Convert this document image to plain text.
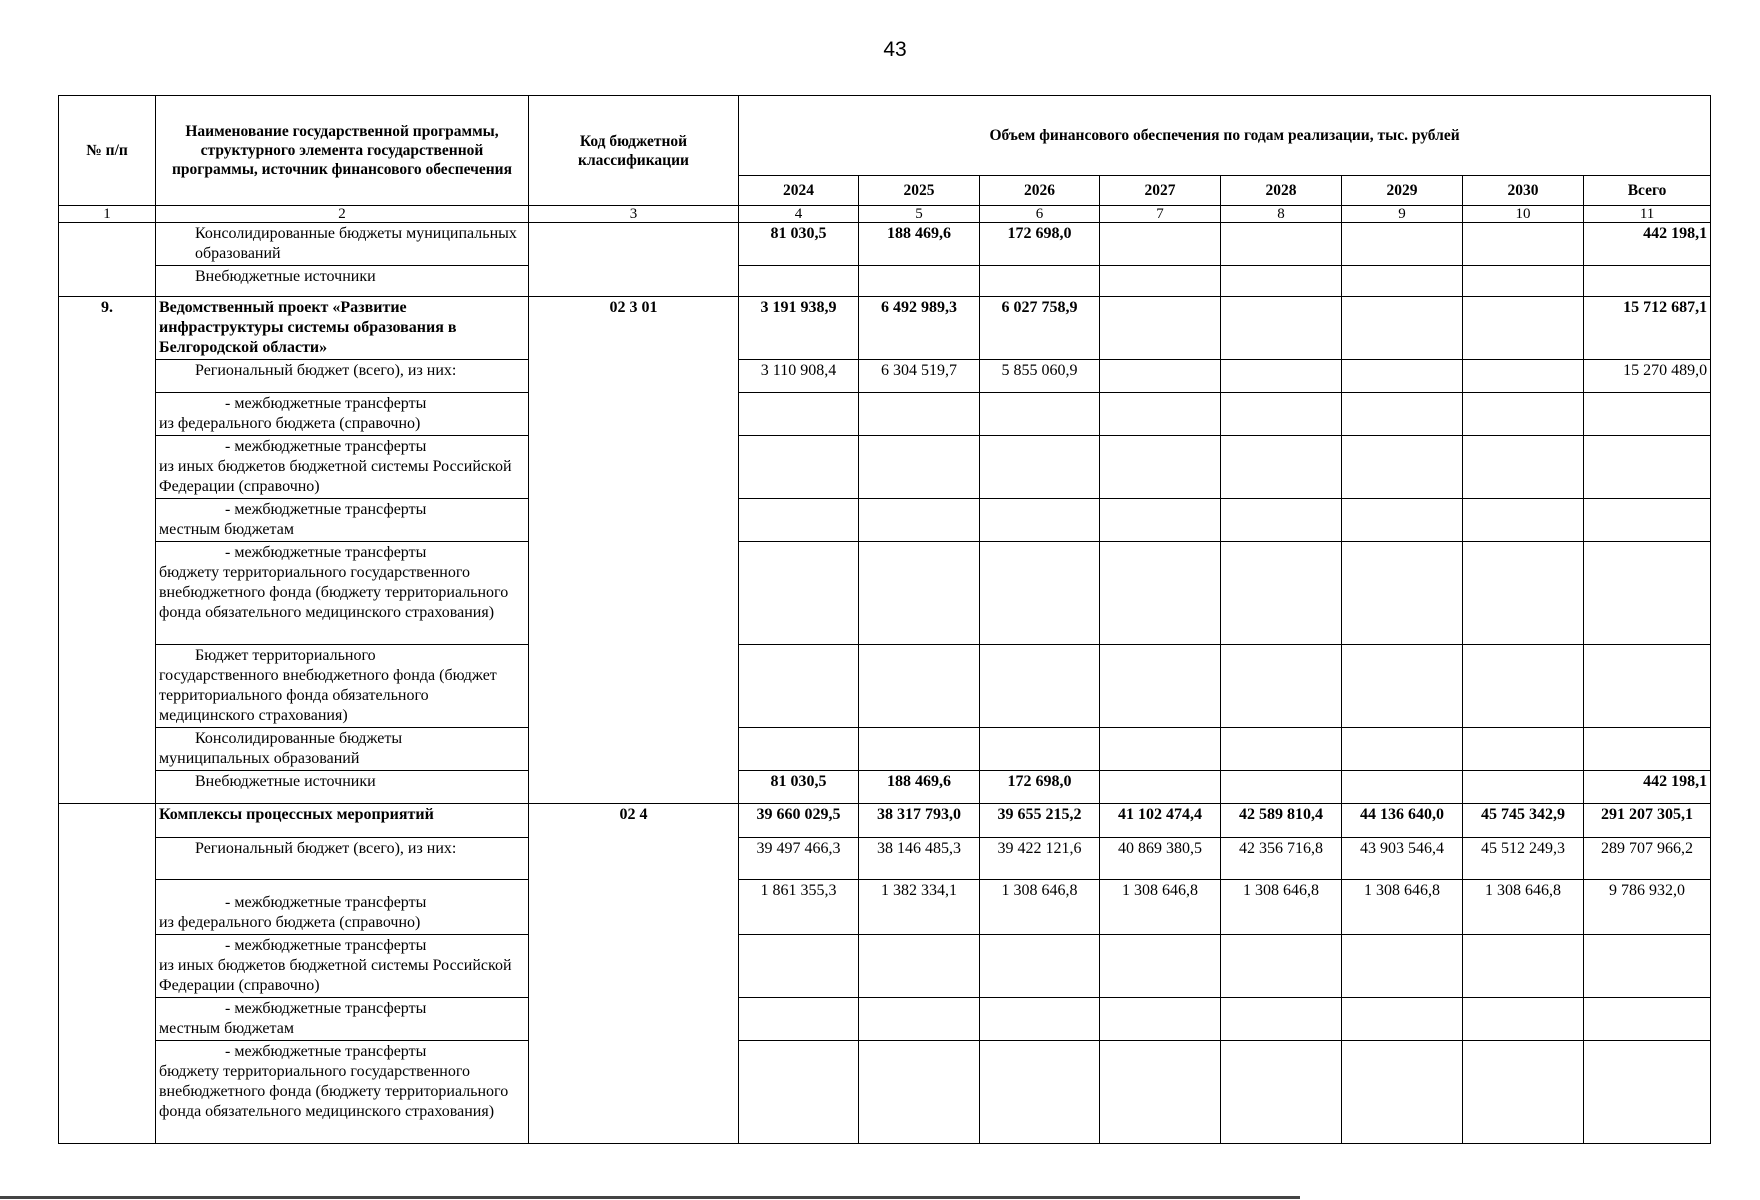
43
№ п/п	Наименование государственной программы, структурного элемента государственной программы, источник финансового обеспечения	Код бюджетной классификации	Объем финансового обеспечения по годам реализации, тыс. рублей							
			2024	2025	2026	2027	2028	2029	2030	Всего
1	2	3	4	5	6	7	8	9	10	11

	Консолидированные бюджеты муниципальных образований		81 030,5	188 469,6	172 698,0					442 198,1

	Внебюджетные источники									

9.	Ведомственный проект «Развитие инфраструктуры системы образования в Белгородской области»	02 3 01	3 191 938,9	6 492 989,3	6 027 758,9					15 712 687,1

	Региональный бюджет (всего), из них:		3 110 908,4	6 304 519,7	5 855 060,9					15 270 489,0

	- межбюджетные трансферты
из федерального бюджета (справочно)									

	- межбюджетные трансферты
из иных бюджетов бюджетной системы Российской Федерации (справочно)									

	- межбюджетные трансферты
местным бюджетам									

	- межбюджетные трансферты
бюджету территориального государственного внебюджетного фонда (бюджету территориального фонда обязательного медицинского страхования)									

	Бюджет территориального
государственного внебюджетного фонда (бюджет территориального фонда обязательного медицинского страхования)									

	Консолидированные бюджеты
муниципальных образований									

	Внебюджетные источники		81 030,5	188 469,6	172 698,0					442 198,1

	Комплексы процессных мероприятий	02 4	39 660 029,5	38 317 793,0	39 655 215,2	41 102 474,4	42 589 810,4	44 136 640,0	45 745 342,9	291 207 305,1

	Региональный бюджет (всего), из них:		39 497 466,3	38 146 485,3	39 422 121,6	40 869 380,5	42 356 716,8	43 903 546,4	45 512 249,3	289 707 966,2

	- межбюджетные трансферты
из федерального бюджета (справочно)		1 861 355,3	1 382 334,1	1 308 646,8	1 308 646,8	1 308 646,8	1 308 646,8	1 308 646,8	9 786 932,0

	- межбюджетные трансферты
из иных бюджетов бюджетной системы Российской Федерации (справочно)									

	- межбюджетные трансферты
местным бюджетам									

	- межбюджетные трансферты
бюджету территориального государственного внебюджетного фонда (бюджету территориального фонда обязательного медицинского страхования)									
